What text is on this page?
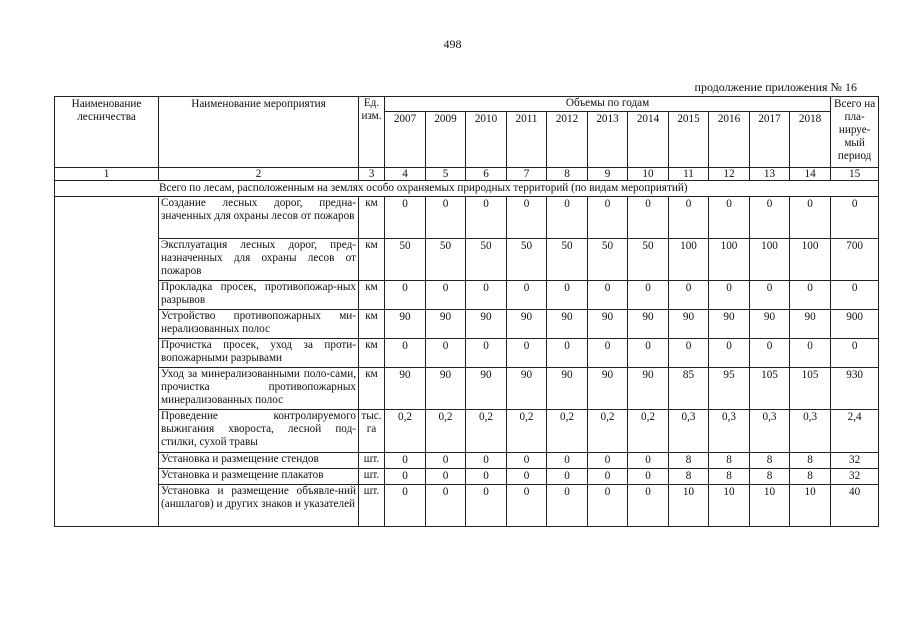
498
продолжение приложения № 16
Наименование лесничества	Наименование мероприятия	Ед. изм.	Объемы по годам											Всего на пла-нируе-мый период
			2007	2009	2010	2011	2012	2013	2014	2015	2016	2017	2018	
1	2	3	4	5	6	7	8	9	10	11	12	13	14	15
Всего по лесам, расположенным на землях особо охраняемых природных территорий (по видам мероприятий)														
	Создание лесных дорог, предна-значенных для охраны лесов от пожаров	км	0	0	0	0	0	0	0	0	0	0	0	0
	Эксплуатация лесных дорог, пред-назначенных для охраны лесов от пожаров	км	50	50	50	50	50	50	50	100	100	100	100	700
	Прокладка просек, противопожар-ных разрывов	км	0	0	0	0	0	0	0	0	0	0	0	0
	Устройство противопожарных ми-нерализованных полос	км	90	90	90	90	90	90	90	90	90	90	90	900
	Прочистка просек, уход за проти-вопожарными разрывами	км	0	0	0	0	0	0	0	0	0	0	0	0
	Уход за минерализованными поло-сами, прочистка противопожарных минерализованных полос	км	90	90	90	90	90	90	90	85	95	105	105	930
	Проведение контролируемого выжигания хвороста, лесной под-стилки, сухой травы	тыс. га	0,2	0,2	0,2	0,2	0,2	0,2	0,2	0,3	0,3	0,3	0,3	2,4
	Установка и размещение стендов	шт.	0	0	0	0	0	0	0	8	8	8	8	32
	Установка и размещение плакатов	шт.	0	0	0	0	0	0	0	8	8	8	8	32
	Установка и размещение объявле-ний (аншлагов) и других знаков и указателей	шт.	0	0	0	0	0	0	0	10	10	10	10	40
